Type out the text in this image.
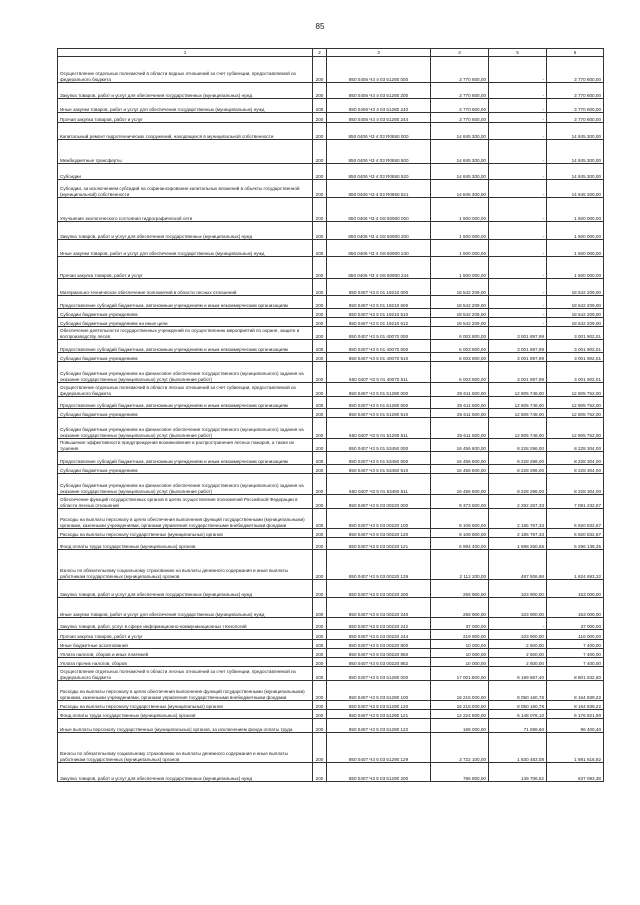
85
1	2	3	4	5	6
Осуществление отдельных полномочий в области водных отношений за счет субвенции, предоставляемой из федерального бюджета	200	850 0406 Ч3 4 03 51280 000	3 770 600,00	-	3 770 600,00
Закупка товаров, работ и услуг для обеспечения государственных (муниципальных) нужд	200	850 0406 Ч3 4 03 51280 200	3 770 600,00	-	3 770 600,00
Иные закупки товаров, работ и услуг для обеспечения государственных (муниципальных) нужд	200	850 0406 Ч3 4 03 51280 240	3 770 600,00	-	3 770 600,00
Прочая закупка товаров, работ и услуг	200	850 0406 Ч3 4 03 51280 244	3 770 600,00	-	3 770 600,00
Капитальный ремонт гидротехнических сооружений, находящихся в муниципальной собственности	200	850 0406 Ч3 4 03 R0650 000	14 845 300,00	-	14 845 300,00
Межбюджетные трансферты	200	850 0406 Ч3 4 03 R0650 500	14 845 300,00	-	14 845 300,00
Субсидии	200	850 0406 Ч3 4 03 R0650 520	14 845 300,00	-	14 845 300,00
Субсидии, за исключением субсидий на софинансирование капитальных вложений в объекты государственной (муниципальной) собственности	200	850 0406 Ч3 4 03 R0650 521	14 845 300,00	-	14 845 300,00
Улучшение экологического состояния гидрографической сети	200	850 0406 Ч3 4 G8 50900 000	1 500 000,00	-	1 500 000,00
Закупка товаров, работ и услуг для обеспечения государственных (муниципальных) нужд	200	850 0406 Ч3 4 G8 50900 200	1 500 000,00	-	1 500 000,00
Иные закупки товаров, работ и услуг для обеспечения государственных (муниципальных) нужд	200	850 0406 Ч3 4 G8 50900 240	1 500 000,00	-	1 500 000,00
Прочая закупка товаров, работ и услуг	200	850 0406 Ч3 4 G8 50900 244	1 500 000,00	-	1 500 000,00
Материально-техническое обеспечение полномочий в области лесных отношений	200	850 0407 Ч3 5 01 19210 000	18 542 209,00	-	18 542 209,00
Предоставление субсидий бюджетным, автономным учреждениям и иным некоммерческим организациям	200	850 0407 Ч3 5 01 19210 600	18 542 209,00	-	18 542 209,00
Субсидии бюджетным учреждениям	200	850 0407 Ч3 5 01 19210 610	18 542 209,00	-	18 542 209,00
Субсидии бюджетным учреждениям на иные цели	200	850 0407 Ч3 5 01 19210 612	18 542 209,00	-	18 542 209,00
Обеспечение деятельности государственных учреждений по осуществлению мероприятий по охране, защите и воспроизводству лесов	200	850 0407 Ч3 5 01 40070 000	6 003 800,00	3 001 897,99	3 001 902,01
Предоставление субсидий бюджетным, автономным учреждениям и иным некоммерческим организациям	200	850 0407 Ч3 5 01 40070 600	6 003 800,00	3 001 897,99	3 001 902,01
Субсидии бюджетным учреждениям	200	850 0407 Ч3 5 01 40070 610	6 003 800,00	3 001 897,99	3 001 902,01
Субсидии бюджетным учреждениям на финансовое обеспечение государственного (муниципального) задания на оказание государственных (муниципальных) услуг (выполнение работ)	200	850 0407 Ч3 5 01 40070 611	6 003 800,00	3 001 897,99	3 001 902,01
Осуществление отдельных полномочий в области лесных отношений за счет субвенции, предоставляемой из федерального бюджета	200	850 0407 Ч3 5 01 51290 000	25 611 500,00	12 805 748,00	12 805 752,00
Предоставление субсидий бюджетным, автономным учреждениям и иным некоммерческим организациям	200	850 0407 Ч3 5 01 51290 600	25 611 500,00	12 805 748,00	12 805 752,00
Субсидии бюджетным учреждениям	200	850 0407 Ч3 5 01 51290 610	25 611 500,00	12 805 748,00	12 805 752,00
Субсидии бюджетным учреждениям на финансовое обеспечение государственного (муниципального) задания на оказание государственных (муниципальных) услуг (выполнение работ)	200	850 0407 Ч3 5 01 51290 611	25 611 500,00	12 805 748,00	12 805 752,00
Повышение эффективности предупреждения возникновения и распространения лесных пожаров, а также их тушения	200	850 0407 Ч3 5 01 53450 000	16 456 600,00	8 228 296,00	8 228 304,00
Предоставление субсидий бюджетным, автономным учреждениям и иным некоммерческим организациям	200	850 0407 Ч3 5 01 53450 600	16 456 600,00	8 228 296,00	8 228 304,00
Субсидии бюджетным учреждениям	200	850 0407 Ч3 5 01 53450 610	16 456 600,00	8 228 296,00	8 228 304,00
Субсидии бюджетным учреждениям на финансовое обеспечение государственного (муниципального) задания на оказание государственных (муниципальных) услуг (выполнение работ)	200	850 0407 Ч3 5 01 53450 611	16 456 600,00	8 228 296,00	8 228 304,00
Обеспечение функций государственных органов в целях осуществления полномочий Российской Федерации в области лесных отношений	200	850 0407 Ч3 5 03 00220 000	9 373 500,00	2 292 267,33	7 081 232,67
Расходы на выплаты персоналу в целях обеспечения выполнения функций государственными (муниципальными) органами, казенными учреждениями, органами управления государственными внебюджетными фондами	200	850 0407 Ч3 5 03 00220 100	9 106 600,00	2 185 767,33	6 920 832,67
Расходы на выплаты персоналу государственных (муниципальных) органов	200	850 0407 Ч3 5 03 00220 120	9 106 600,00	2 185 767,33	6 920 832,67
Фонд оплаты труда государственных (муниципальных) органов	200	850 0407 Ч3 5 03 00220 121	6 994 400,00	1 698 260,65	5 296 139,35
Взносы по обязательному социальному страхованию на выплаты денежного содержания и иные выплаты работникам государственных (муниципальных) органов	200	850 0407 Ч3 5 03 00220 129	2 112 200,00	487 506,68	1 624 693,32
Закупка товаров, работ и услуг для обеспечения государственных (муниципальных) нужд	200	850 0407 Ч3 5 03 00220 200	256 900,00	103 900,00	153 000,00
Иные закупки товаров, работ и услуг для обеспечения государственных (муниципальных) нужд	200	850 0407 Ч3 5 03 00220 240	256 900,00	103 900,00	153 000,00
Закупка товаров, работ, услуг в сфере информационно-коммуникационных технологий	200	850 0407 Ч3 5 03 00220 242	37 000,00	-	37 000,00
Прочая закупка товаров, работ и услуг	200	850 0407 Ч3 5 03 00220 244	219 900,00	103 900,00	116 000,00
Иные бюджетные ассигнования	200	850 0407 Ч3 5 03 00220 800	10 000,00	2 600,00	7 400,00
Уплата налогов, сборов и иных платежей	200	850 0407 Ч3 5 03 00220 850	10 000,00	2 600,00	7 400,00
Уплата прочих налогов, сборов	200	850 0407 Ч3 5 03 00220 852	10 000,00	2 600,00	7 400,00
Осуществление отдельных полномочий в области лесных отношений за счет субвенции, предоставляемой из федерального бюджета	200	850 0407 Ч3 5 03 51290 000	17 001 800,00	8 199 867,40	8 801 932,60
Расходы на выплаты персоналу в целях обеспечения выполнения функций государственными (муниципальными) органами, казенными учреждениями, органами управления государственными внебюджетными фондами	200	850 0407 Ч3 5 03 51290 100	16 215 000,00	8 050 160,78	8 164 839,22
Расходы на выплаты персоналу государственных (муниципальных) органов	200	850 0407 Ч3 5 03 51290 120	16 215 000,00	8 050 160,78	8 164 839,22
Фонд оплаты труда государственных (муниципальных) органов	200	850 0407 Ч3 5 03 51290 121	12 224 900,00	6 148 078,10	6 176 821,90
Иные выплаты персоналу государственных (муниципальных) органов, за исключением фонда оплаты труда	200	850 0407 Ч3 5 03 51290 122	168 000,00	71 599,60	96 400,40
Взносы по обязательному социальному страхованию на выплаты денежного содержания и иные выплаты работникам государственных (муниципальных) органов	200	850 0407 Ч3 5 03 51290 129	3 722 100,00	1 830 483,08	1 891 616,92
Закупка товаров, работ и услуг для обеспечения государственных (муниципальных) нужд	200	850 0407 Ч3 5 03 51290 200	786 800,00	149 706,62	637 093,38
